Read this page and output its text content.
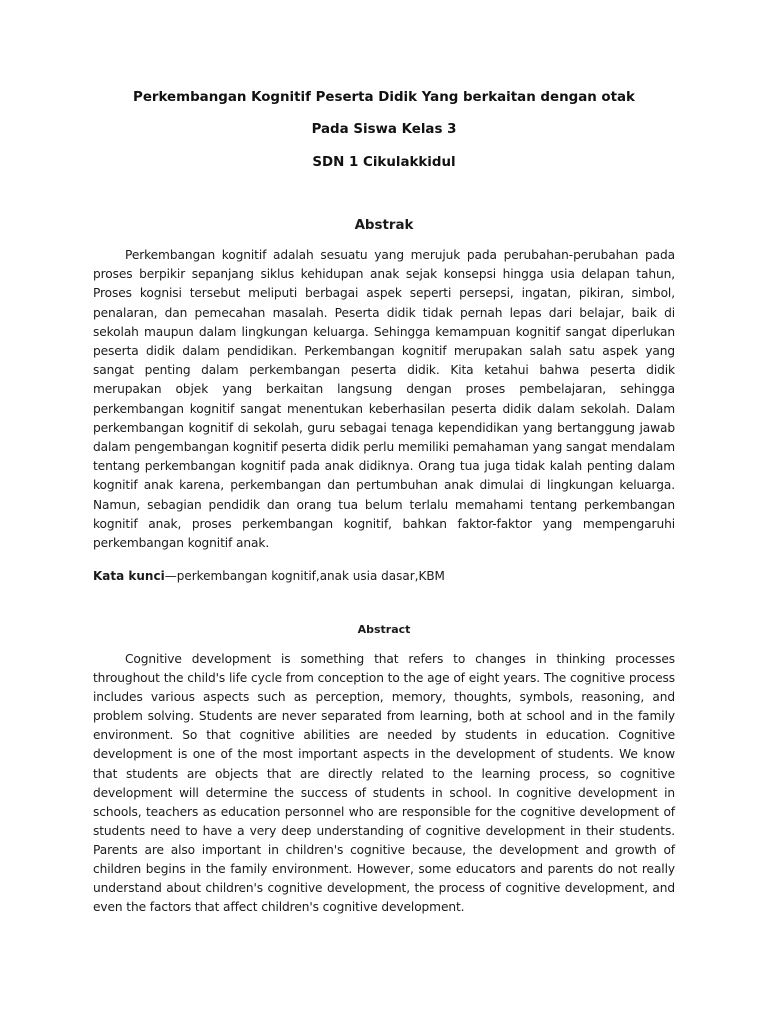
Perkembangan Kognitif Peserta Didik Yang berkaitan dengan otak
Pada Siswa Kelas 3
SDN 1 Cikulakkidul
Abstrak

Perkembangan kognitif adalah sesuatu yang merujuk pada perubahan-perubahan pada proses berpikir sepanjang siklus kehidupan anak sejak konsepsi hingga usia delapan tahun, Proses kognisi tersebut meliputi berbagai aspek seperti persepsi, ingatan, pikiran, simbol, penalaran, dan pemecahan masalah. Peserta didik tidak pernah lepas dari belajar, baik di sekolah maupun dalam lingkungan keluarga. Sehingga kemampuan kognitif sangat diperlukan peserta didik dalam pendidikan. Perkembangan kognitif merupakan salah satu aspek yang sangat penting dalam perkembangan peserta didik. Kita ketahui bahwa peserta didik merupakan objek yang berkaitan langsung dengan proses pembelajaran, sehingga perkembangan kognitif sangat menentukan keberhasilan peserta didik dalam sekolah. Dalam perkembangan kognitif di sekolah, guru sebagai tenaga kependidikan yang bertanggung jawab dalam pengembangan kognitif peserta didik perlu memiliki pemahaman yang sangat mendalam tentang perkembangan kognitif pada anak didiknya. Orang tua juga tidak kalah penting dalam kognitif anak karena, perkembangan dan pertumbuhan anak dimulai di lingkungan keluarga. Namun, sebagian pendidik dan orang tua belum terlalu memahami tentang perkembangan kognitif anak, proses perkembangan kognitif, bahkan faktor-faktor yang mempengaruhi perkembangan kognitif anak.

Kata kunci—perkembangan kognitif,anak usia dasar,KBM
Abstract

Cognitive development is something that refers to changes in thinking processes throughout the child's life cycle from conception to the age of eight years. The cognitive process includes various aspects such as perception, memory, thoughts, symbols, reasoning, and problem solving. Students are never separated from learning, both at school and in the family environment. So that cognitive abilities are needed by students in education. Cognitive development is one of the most important aspects in the development of students. We know that students are objects that are directly related to the learning process, so cognitive development will determine the success of students in school. In cognitive development in schools, teachers as education personnel who are responsible for the cognitive development of students need to have a very deep understanding of cognitive development in their students. Parents are also important in children's cognitive because, the development and growth of children begins in the family environment. However, some educators and parents do not really understand about children's cognitive development, the process of cognitive development, and even the factors that affect children's cognitive development.
